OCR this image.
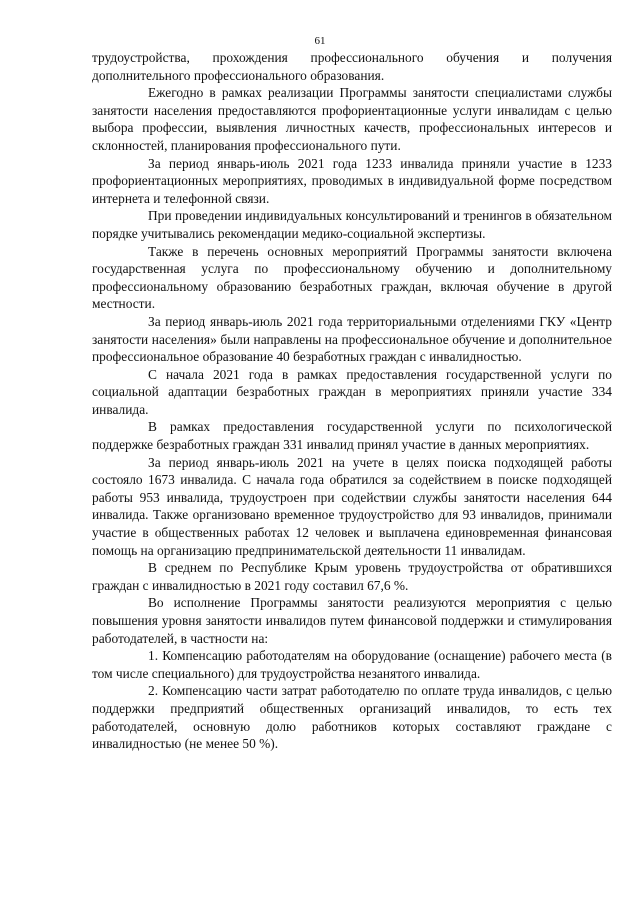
61

трудоустройства, прохождения профессионального обучения и получения дополнительного профессионального образования.

Ежегодно в рамках реализации Программы занятости специалистами службы занятости населения предоставляются профориентационные услуги инвалидам с целью выбора профессии, выявления личностных качеств, профессиональных интересов и склонностей, планирования профессионального пути.

За период январь-июль 2021 года 1233 инвалида приняли участие в 1233 профориентационных мероприятиях, проводимых в индивидуальной форме посредством интернета и телефонной связи.

При проведении индивидуальных консультирований и тренингов в обязательном порядке учитывались рекомендации медико-социальной экспертизы.

Также в перечень основных мероприятий Программы занятости включена государственная услуга по профессиональному обучению и дополнительному профессиональному образованию безработных граждан, включая обучение в другой местности.

За период январь-июль 2021 года территориальными отделениями ГКУ «Центр занятости населения» были направлены на профессиональное обучение и дополнительное профессиональное образование 40 безработных граждан с инвалидностью.

С начала 2021 года в рамках предоставления государственной услуги по социальной адаптации безработных граждан в мероприятиях приняли участие 334 инвалида.

В рамках предоставления государственной услуги по психологической поддержке безработных граждан 331 инвалид принял участие в данных мероприятиях.

За период январь-июль 2021 на учете в целях поиска подходящей работы состояло 1673 инвалида. С начала года обратился за содействием в поиске подходящей работы 953 инвалида, трудоустроен при содействии службы занятости населения 644 инвалида. Также организовано временное трудоустройство для 93 инвалидов, принимали участие в общественных работах 12 человек и выплачена единовременная финансовая помощь на организацию предпринимательской деятельности 11 инвалидам.

В среднем по Республике Крым уровень трудоустройства от обратившихся граждан с инвалидностью в 2021 году составил 67,6 %.

Во исполнение Программы занятости реализуются мероприятия с целью повышения уровня занятости инвалидов путем финансовой поддержки и стимулирования работодателей, в частности на:

1. Компенсацию работодателям на оборудование (оснащение) рабочего места (в том числе специального) для трудоустройства незанятого инвалида.

2. Компенсацию части затрат работодателю по оплате труда инвалидов, с целью поддержки предприятий общественных организаций инвалидов, то есть тех работодателей, основную долю работников которых составляют граждане с инвалидностью (не менее 50 %).
